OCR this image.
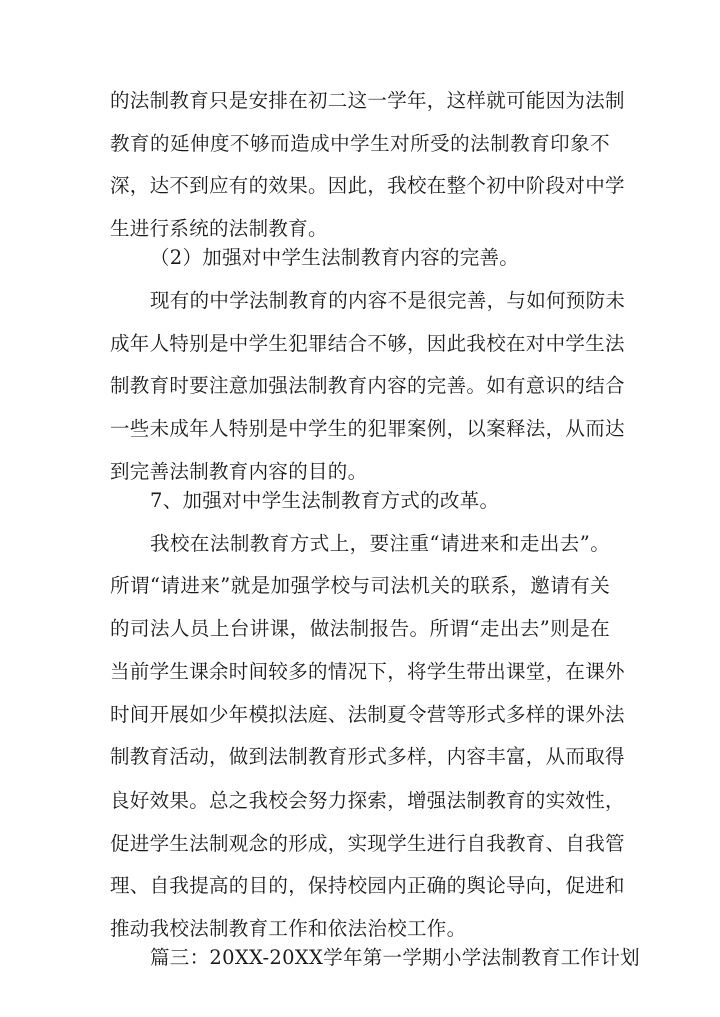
的法制教育只是安排在初二这一学年，这样就可能因为法制
教育的延伸度不够而造成中学生对所受的法制教育印象不
深，达不到应有的效果。因此，我校在整个初中阶段对中学
生进行系统的法制教育。
（2）加强对中学生法制教育内容的完善。
现有的中学法制教育的内容不是很完善，与如何预防未
成年人特别是中学生犯罪结合不够，因此我校在对中学生法
制教育时要注意加强法制教育内容的完善。如有意识的结合
一些未成年人特别是中学生的犯罪案例，以案释法，从而达
到完善法制教育内容的目的。
7、加强对中学生法制教育方式的改革。
我校在法制教育方式上，要注重“请进来和走出去”。
所谓“请进来”就是加强学校与司法机关的联系，邀请有关
的司法人员上台讲课，做法制报告。所谓“走出去”则是在
当前学生课余时间较多的情况下，将学生带出课堂，在课外
时间开展如少年模拟法庭、法制夏令营等形式多样的课外法
制教育活动，做到法制教育形式多样，内容丰富，从而取得
良好效果。总之我校会努力探索，增强法制教育的实效性，
促进学生法制观念的形成，实现学生进行自我教育、自我管
理、自我提高的目的，保持校园内正确的舆论导向，促进和
推动我校法制教育工作和依法治校工作。
篇三：20XX-20XX学年第一学期小学法制教育工作计划
